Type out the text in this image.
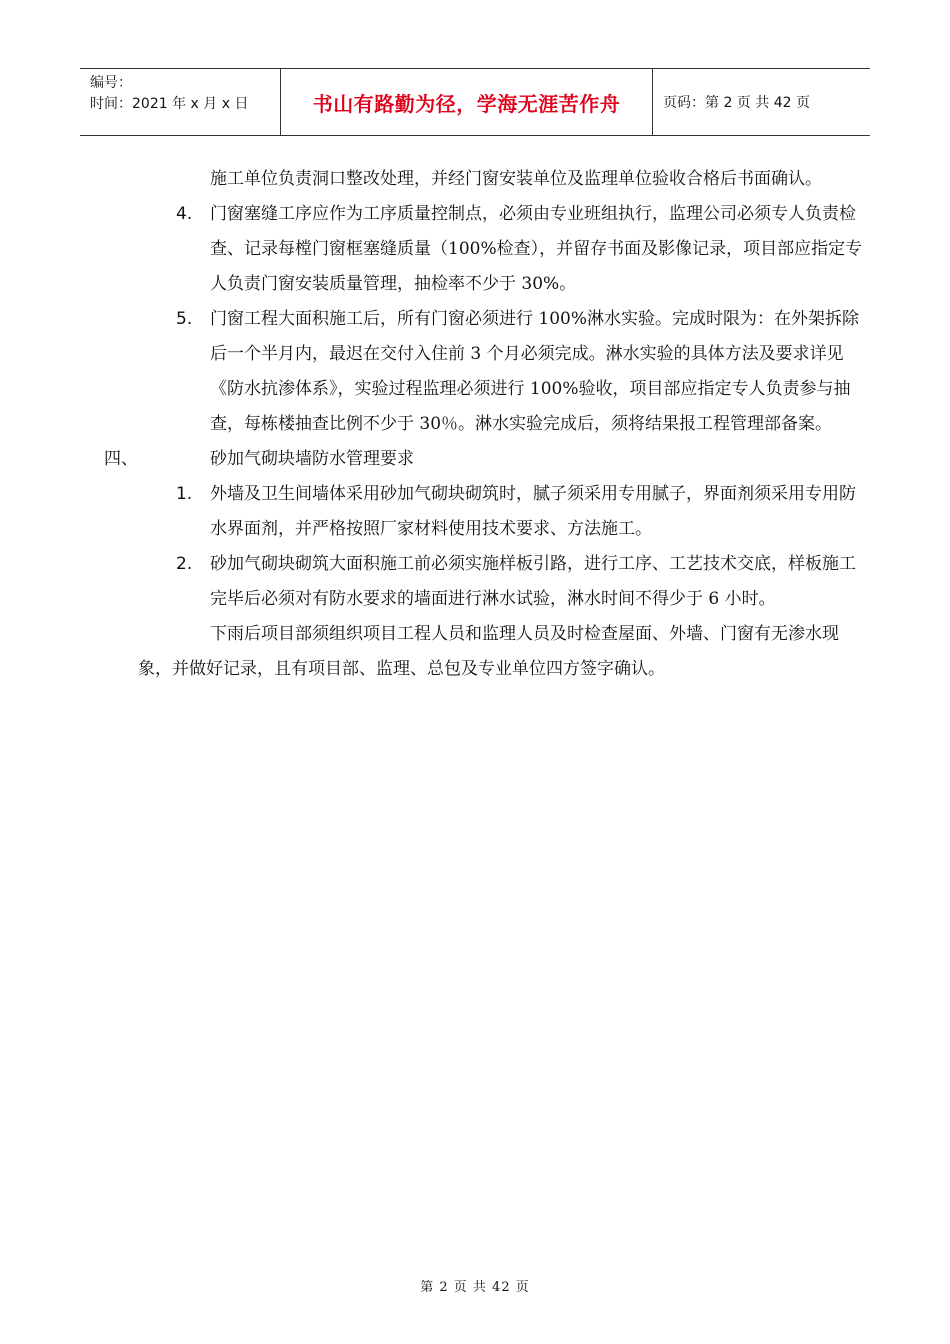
编号：
时间：2021 年 x 月 x 日	书山有路勤为径，学海无涯苦作舟	页码：第 2 页 共 42 页
施工单位负责洞口整改处理，并经门窗安装单位及监理单位验收合格后书面确认。
4. 门窗塞缝工序应作为工序质量控制点，必须由专业班组执行，监理公司必须专人负责检查、记录每樘门窗框塞缝质量（100%检查），并留存书面及影像记录，项目部应指定专人负责门窗安装质量管理，抽检率不少于 30%。
5. 门窗工程大面积施工后，所有门窗必须进行 100%淋水实验。完成时限为：在外架拆除后一个半月内，最迟在交付入住前 3 个月必须完成。淋水实验的具体方法及要求详见《防水抗渗体系》，实验过程监理必须进行 100%验收，项目部应指定专人负责参与抽查，每栋楼抽查比例不少于 30％。淋水实验完成后，须将结果报工程管理部备案。
四、	砂加气砌块墙防水管理要求
1. 外墙及卫生间墙体采用砂加气砌块砌筑时，腻子须采用专用腻子，界面剂须采用专用防水界面剂，并严格按照厂家材料使用技术要求、方法施工。
2. 砂加气砌块砌筑大面积施工前必须实施样板引路，进行工序、工艺技术交底，样板施工完毕后必须对有防水要求的墙面进行淋水试验，淋水时间不得少于 6 小时。
下雨后项目部须组织项目工程人员和监理人员及时检查屋面、外墙、门窗有无渗水现象，并做好记录，且有项目部、监理、总包及专业单位四方签字确认。
第 2 页 共 42 页
